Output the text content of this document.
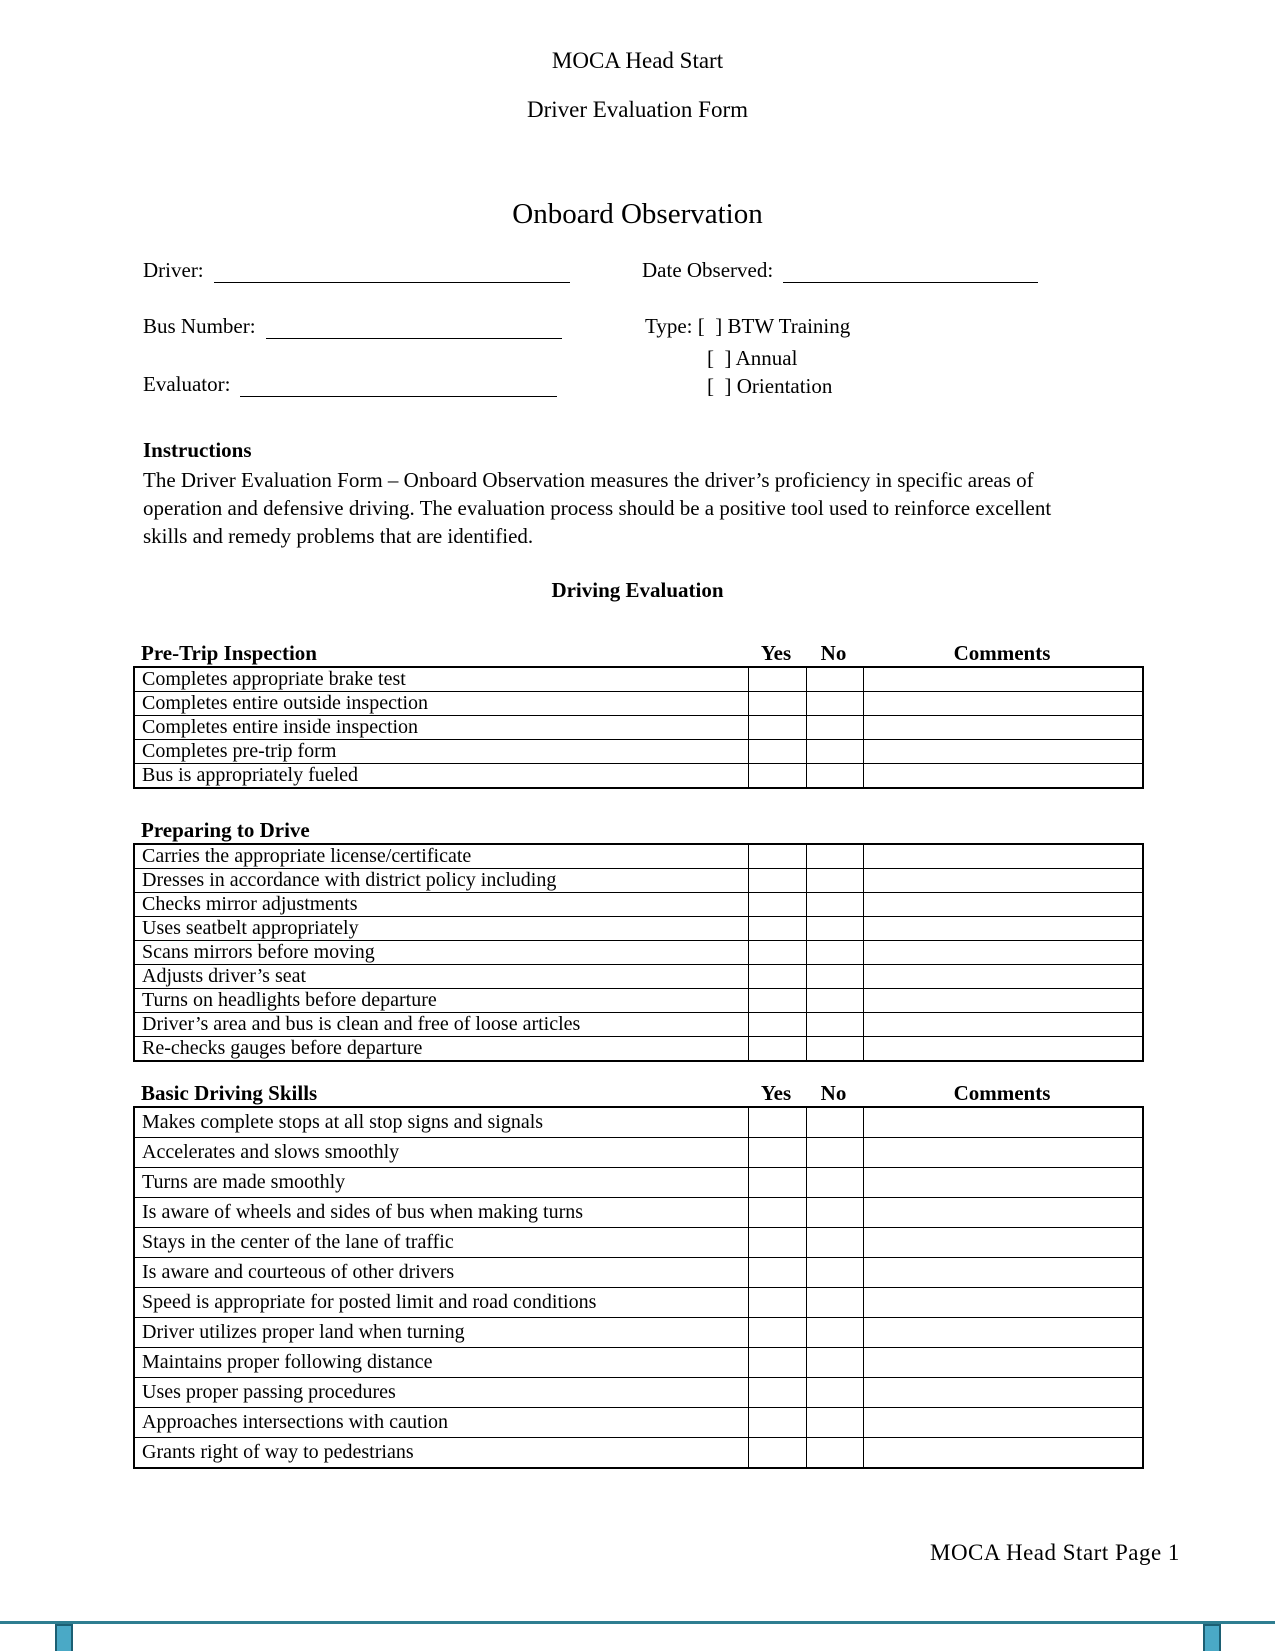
MOCA Head Start
Driver Evaluation Form
Onboard Observation
Driver:	Date Observed:
Bus Number:	Type: [  ] BTW Training
[  ] Annual
Evaluator:	[  ] Orientation
Instructions
The Driver Evaluation Form – Onboard Observation measures the driver’s proficiency in specific areas of operation and defensive driving. The evaluation process should be a positive tool used to reinforce excellent skills and remedy problems that are identified.
Driving Evaluation
Pre-Trip Inspection	Yes	No	Comments
Completes appropriate brake test			
Completes entire outside inspection			
Completes entire inside inspection			
Completes pre-trip form			
Bus is appropriately fueled			
Preparing to Drive
Carries the appropriate license/certificate			
Dresses in accordance with district policy including			
Checks mirror adjustments			
Uses seatbelt appropriately			
Scans mirrors before moving			
Adjusts driver’s seat			
Turns on headlights before departure			
Driver’s area and bus is clean and free of loose articles			
Re-checks gauges before departure			
Basic Driving Skills	Yes	No	Comments
Makes complete stops at all stop signs and signals			
Accelerates and slows smoothly			
Turns are made smoothly			
Is aware of wheels and sides of bus when making turns			
Stays in the center of the lane of traffic			
Is aware and courteous of other drivers			
Speed is appropriate for posted limit and road conditions			
Driver utilizes proper land when turning			
Maintains proper following distance			
Uses proper passing procedures			
Approaches intersections with caution			
Grants right of way to pedestrians			
MOCA Head Start Page 1
